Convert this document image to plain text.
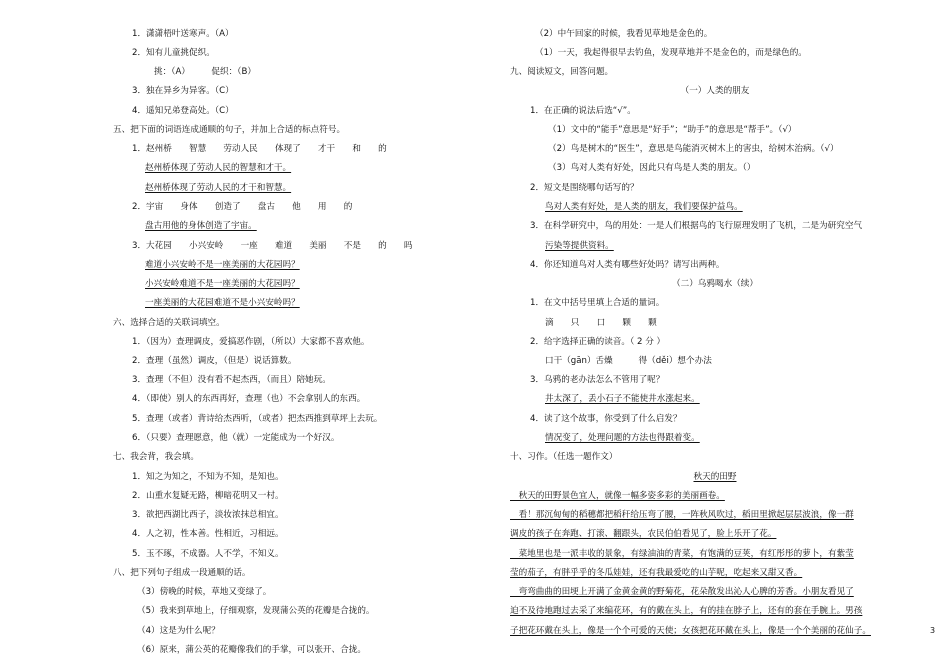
1．潇潇梧叶送寒声。（A）
2．知有儿童挑促织。
挑：（A）　　　促织：（B）
3．独在异乡为异客。（C）
4．遥知兄弟登高处。（C）
五、把下面的词语连成通顺的句子，并加上合适的标点符号。
1．赵州桥　　智慧　　劳动人民　　体现了　　才干　　和　　的
赵州桥体现了劳动人民的智慧和才干。
赵州桥体现了劳动人民的才干和智慧。
2．宇宙　　身体　　创造了　　盘古　　他　　用　　的
盘古用他的身体创造了宇宙。
3．大花园　　小兴安岭　　一座　　难道　　美丽　　不是　　的　　吗
难道小兴安岭不是一座美丽的大花园吗？
小兴安岭难道不是一座美丽的大花园吗？
一座美丽的大花园难道不是小兴安岭吗？
六、选择合适的关联词填空。
1．（因为）查理调皮，爱搞恶作剧，（所以）大家都不喜欢他。
2．查理（虽然）调皮，（但是）说话算数。
3．查理（不但）没有看不起杰西，（而且）陪她玩。
4．（即使）别人的东西再好，查理（也）不会拿别人的东西。
5．查理（或者）背诗给杰西听，（或者）把杰西推到草坪上去玩。
6．（只要）查理愿意，他（就）一定能成为一个好汉。
七、我会背，我会填。
1．知之为知之，不知为不知，是知也。
2．山重水复疑无路，柳暗花明又一村。
3．欲把西湖比西子，淡妆浓抹总相宜。
4．人之初，性本善。性相近，习相远。
5．玉不琢，不成器。人不学，不知义。
八、把下列句子组成一段通顺的话。
（3）傍晚的时候，草地又变绿了。
（5）我来到草地上，仔细观察，发现蒲公英的花瓣是合拢的。
（4）这是为什么呢？
（6）原来，蒲公英的花瓣像我们的手掌，可以张开、合拢。
（2）中午回家的时候，我看见草地是金色的。
（1）一天，我起得很早去钓鱼，发现草地并不是金色的，而是绿色的。
九、阅读短文，回答问题。
（一）人类的朋友
1．在正确的说法后选“√”。
（1）文中的“能手”意思是“好手”；“助手”的意思是“帮手”。（√）
（2）鸟是树木的“医生”，意思是鸟能消灭树木上的害虫，给树木治病。（√）
（3）鸟对人类有好处，因此只有鸟是人类的朋友。（）
2．短文是围绕哪句话写的？
鸟对人类有好处，是人类的朋友，我们要保护益鸟。
3．在科学研究中，鸟的用处：一是人们根据鸟的飞行原理发明了飞机，二是为研究空气
污染等提供资料。
4．你还知道鸟对人类有哪些好处吗？请写出两种。
（二）乌鸦喝水（续）
1．在文中括号里填上合适的量词。
滴　　只　　口　　颗　　颗
2．给字选择正确的读音。（ 2 分 ）
口干（gān）舌燥　　　得（děi）想个办法
3．乌鸦的老办法怎么不管用了呢？
井太深了，丢小石子不能使井水涨起来。
4．读了这个故事，你受到了什么启发？
情况变了，处理问题的方法也得跟着变。
十、习作。（任选一题作文）
秋天的田野
　秋天的田野景色宜人，就像一幅多姿多彩的美丽画卷。
　看！那沉甸甸的稻穗都把稻秆给压弯了腰，一阵秋风吹过，稻田里掀起层层波浪，像一群
调皮的孩子在奔跑、打滚、翻跟头，农民伯伯看见了，脸上乐开了花。
　菜地里也是一派丰收的景象，有绿油油的青菜，有饱满的豆荚，有红彤彤的萝卜，有紫莹
莹的茄子，有胖乎乎的冬瓜娃娃，还有我最爱吃的山芋呢，吃起来又甜又香。
　弯弯曲曲的田埂上开满了金黄金黄的野菊花，花朵散发出沁人心脾的芳香。小朋友看见了
迫不及待地跑过去采了来编花环，有的戴在头上，有的挂在脖子上，还有的套在手腕上。男孩
子把花环戴在头上，像是一个个可爱的天使；女孩把花环戴在头上，像是一个个美丽的花仙子。	3
